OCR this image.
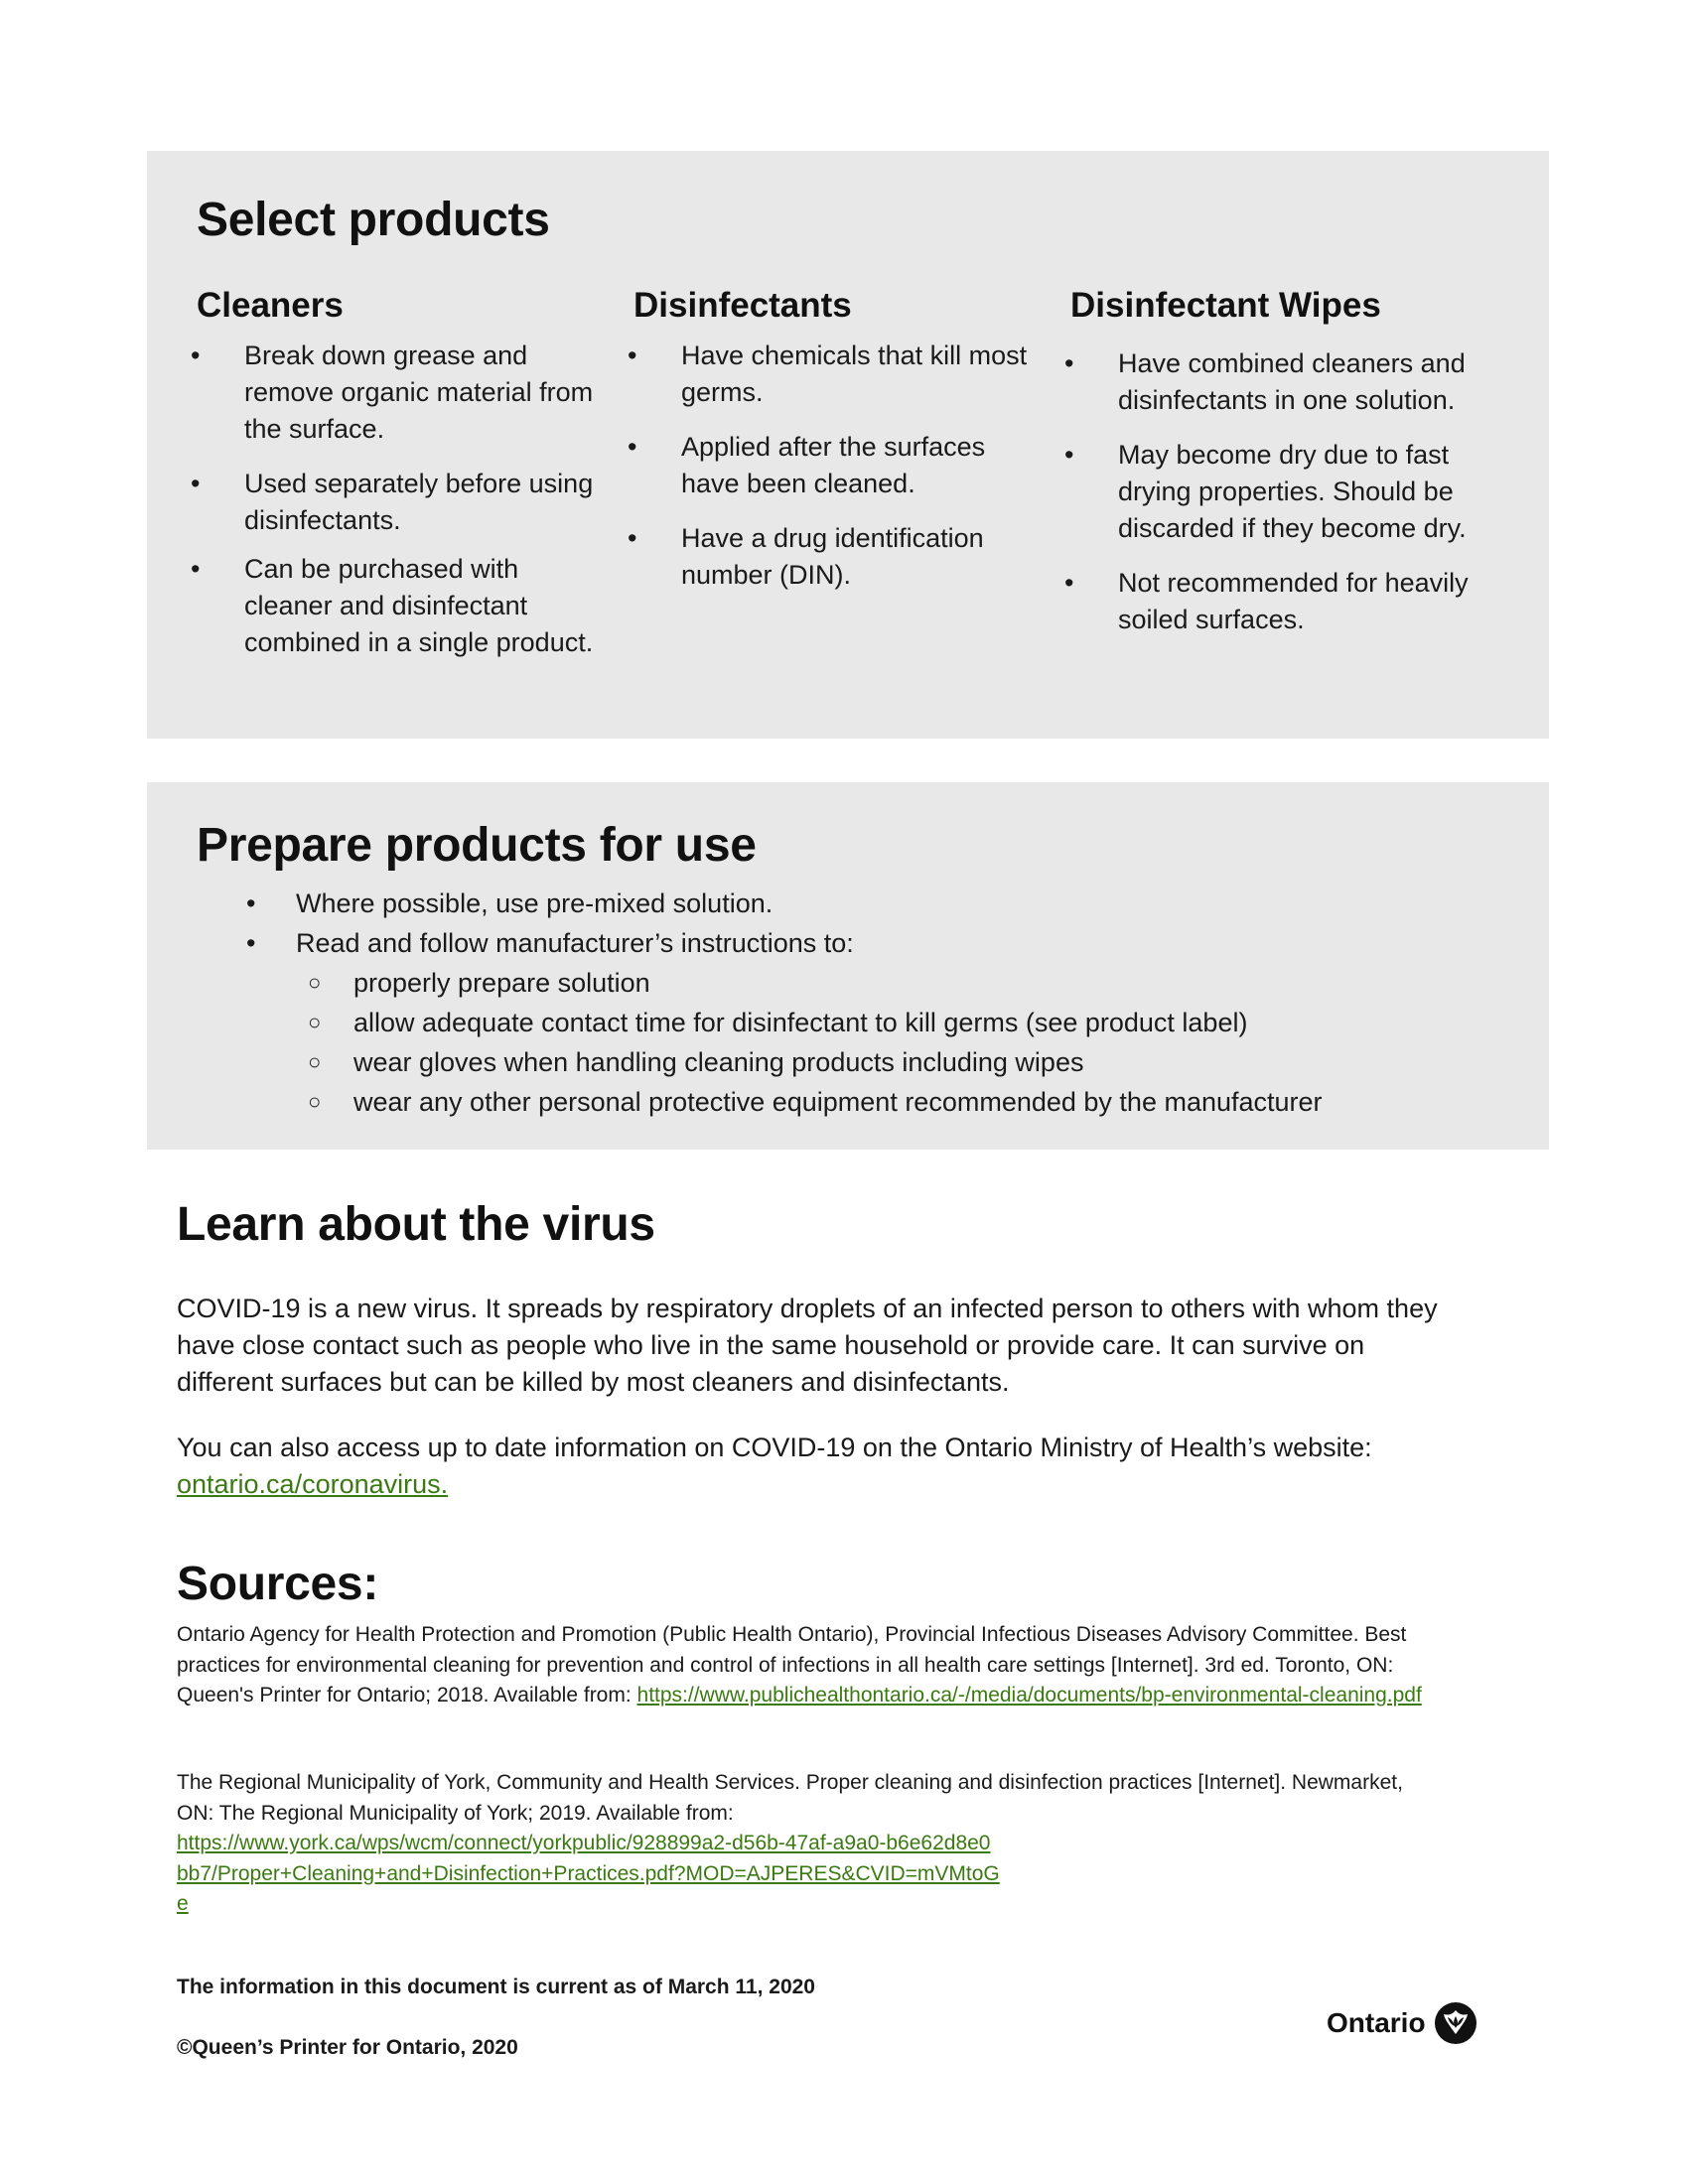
Select products
Cleaners
• Break down grease and remove organic material from the surface.
• Used separately before using disinfectants.
• Can be purchased with cleaner and disinfectant combined in a single product.
Disinfectants
• Have chemicals that kill most germs.
• Applied after the surfaces have been cleaned.
• Have a drug identification number (DIN).
Disinfectant Wipes
• Have combined cleaners and disinfectants in one solution.
• May become dry due to fast drying properties. Should be discarded if they become dry.
• Not recommended for heavily soiled surfaces.
Prepare products for use
• Where possible, use pre-mixed solution.
• Read and follow manufacturer’s instructions to:
○ properly prepare solution
○ allow adequate contact time for disinfectant to kill germs (see product label)
○ wear gloves when handling cleaning products including wipes
○ wear any other personal protective equipment recommended by the manufacturer
Learn about the virus

COVID-19 is a new virus. It spreads by respiratory droplets of an infected person to others with whom they have close contact such as people who live in the same household or provide care. It can survive on different surfaces but can be killed by most cleaners and disinfectants.

You can also access up to date information on COVID-19 on the Ontario Ministry of Health’s website:
ontario.ca/coronavirus.

Sources:

Ontario Agency for Health Protection and Promotion (Public Health Ontario), Provincial Infectious Diseases Advisory Committee. Best practices for environmental cleaning for prevention and control of infections in all health care settings [Internet]. 3rd ed. Toronto, ON: Queen's Printer for Ontario; 2018. Available from: https://www.publichealthontario.ca/-/media/documents/bp-environmental-cleaning.pdf

The Regional Municipality of York, Community and Health Services. Proper cleaning and disinfection practices [Internet]. Newmarket, ON: The Regional Municipality of York; 2019. Available from:
https://www.york.ca/wps/wcm/connect/yorkpublic/928899a2-d56b-47af-a9a0-b6e62d8e0bb7/Proper+Cleaning+and+Disinfection+Practices.pdf?MOD=AJPERES&CVID=mVMtoGe

The information in this document is current as of March 11, 2020
©Queen’s Printer for Ontario, 2020
Ontario
